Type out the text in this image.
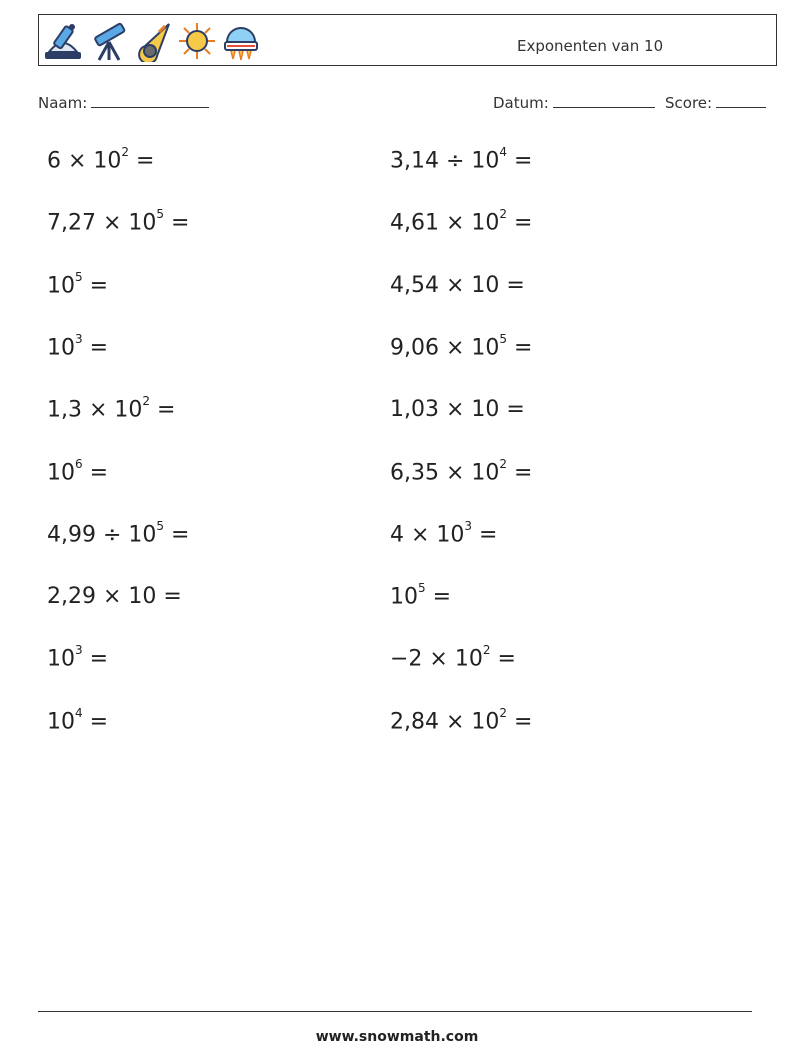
Exponenten van 10
Naam:	Datum:	Score:
$6 \times 10^2$ =
$7,27 \times 10^5$ =
$10^5$ =
$10^3$ =
$1,3 \times 10^2$ =
$10^6$ =
$4,99 \div 10^5$ =
2,29 × 10 =
$10^3$ =
$10^4$ =
$3,14 \div 10^4$ =
$4,61 \times 10^2$ =
4,54 × 10 =
$9,06 \times 10^5$ =
1,03 × 10 =
$6,35 \times 10^2$ =
$4 \times 10^3$ =
$10^5$ =
$-2 \times 10^2$ =
$2,84 \times 10^2$ =
www.snowmath.com
